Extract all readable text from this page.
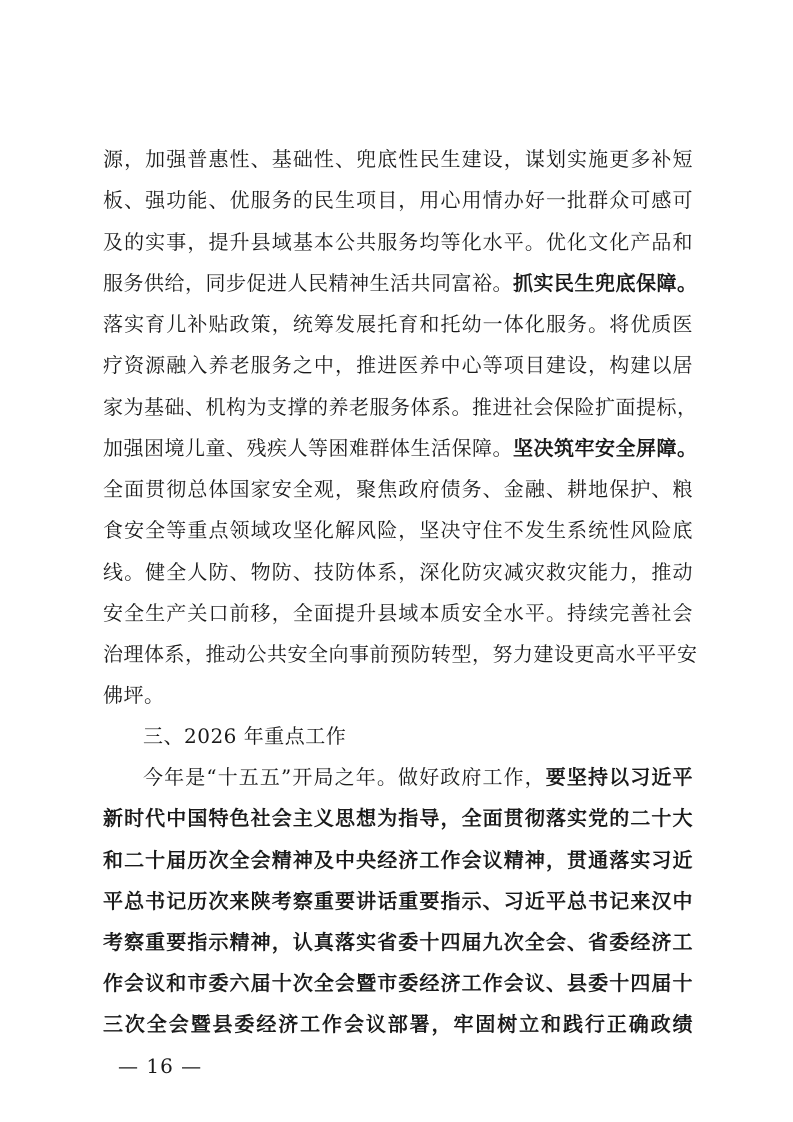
源，加强普惠性、基础性、兜底性民生建设，谋划实施更多补短
板、强功能、优服务的民生项目，用心用情办好一批群众可感可
及的实事，提升县域基本公共服务均等化水平。优化文化产品和
服务供给，同步促进人民精神生活共同富裕。抓实民生兜底保障。
落实育儿补贴政策，统筹发展托育和托幼一体化服务。将优质医
疗资源融入养老服务之中，推进医养中心等项目建设，构建以居
家为基础、机构为支撑的养老服务体系。推进社会保险扩面提标，
加强困境儿童、残疾人等困难群体生活保障。坚决筑牢安全屏障。
全面贯彻总体国家安全观，聚焦政府债务、金融、耕地保护、粮
食安全等重点领域攻坚化解风险，坚决守住不发生系统性风险底
线。健全人防、物防、技防体系，深化防灾减灾救灾能力，推动
安全生产关口前移，全面提升县域本质安全水平。持续完善社会
治理体系，推动公共安全向事前预防转型，努力建设更高水平平安
佛坪。
三、2026 年重点工作
今年是“十五五”开局之年。做好政府工作，要坚持以习近平
新时代中国特色社会主义思想为指导，全面贯彻落实党的二十大
和二十届历次全会精神及中央经济工作会议精神，贯通落实习近
平总书记历次来陕考察重要讲话重要指示、习近平总书记来汉中
考察重要指示精神，认真落实省委十四届九次全会、省委经济工
作会议和市委六届十次全会暨市委经济工作会议、县委十四届十
三次全会暨县委经济工作会议部署，牢固树立和践行正确政绩
— 16 —
